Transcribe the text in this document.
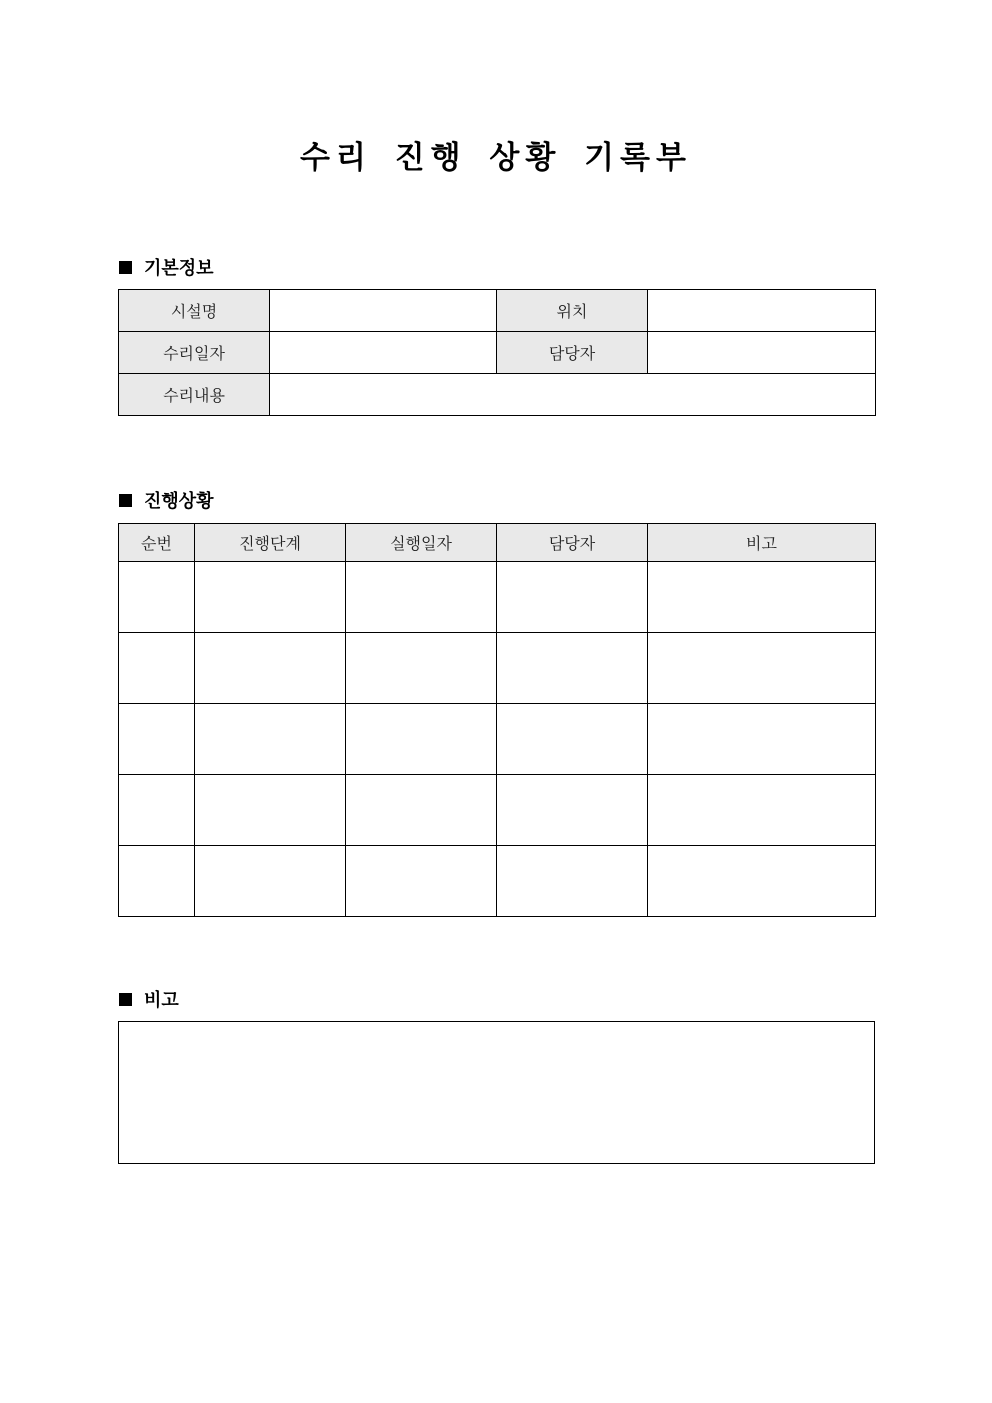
수리 진행 상황 기록부
기본정보
시설명		위치	
수리일자		담당자	
수리내용			
진행상황
순번	진행단계	실행일자	담당자	비고

비고
